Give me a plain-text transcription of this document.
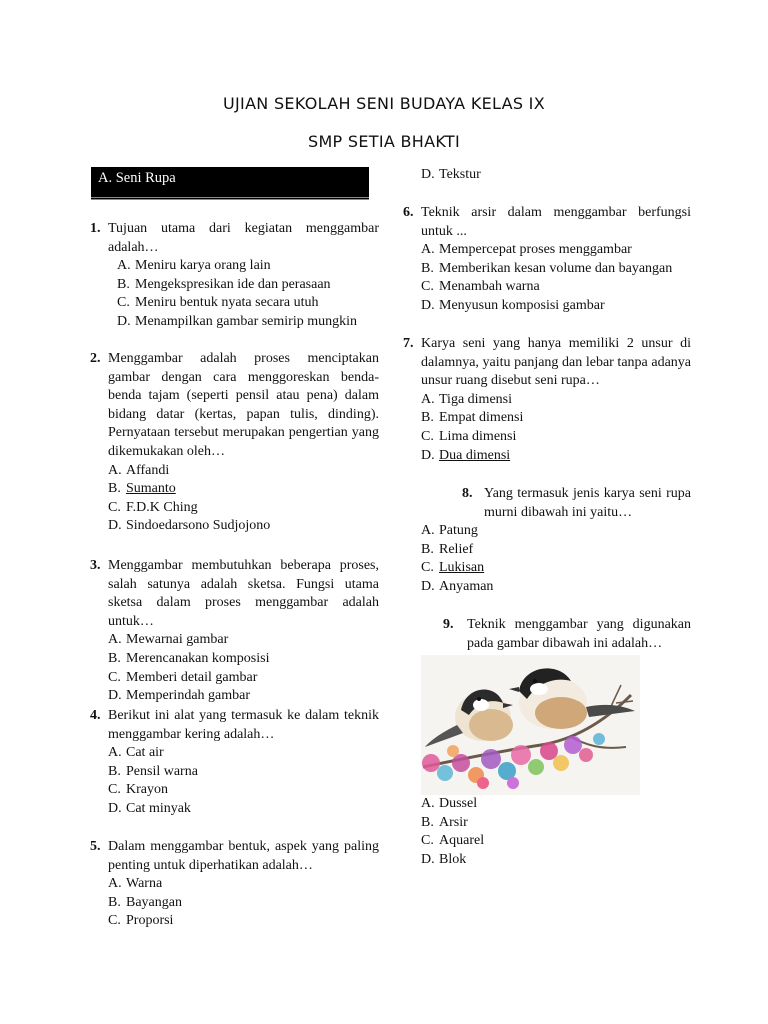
UJIAN SEKOLAH SENI BUDAYA KELAS IX
SMP SETIA BHAKTI
A. Seni Rupa
1. Tujuan utama dari kegiatan menggambar adalah…
A. Meniru karya orang lain
B. Mengekspresikan ide dan perasaan
C. Meniru bentuk nyata secara utuh
D. Menampilkan gambar semirip mungkin
2. Menggambar adalah proses menciptakan gambar dengan cara menggoreskan benda-benda tajam (seperti pensil atau pena) dalam bidang datar (kertas, papan tulis, dinding). Pernyataan tersebut merupakan pengertian yang dikemukakan oleh…
A. Affandi
B. Sumanto
C. F.D.K Ching
D. Sindoedarsono Sudjojono
3. Menggambar membutuhkan beberapa proses, salah satunya adalah sketsa. Fungsi utama sketsa dalam proses menggambar adalah untuk…
A. Mewarnai gambar
B. Merencanakan komposisi
C. Memberi detail gambar
D. Memperindah gambar
4. Berikut ini alat yang termasuk ke dalam teknik menggambar kering adalah…
A. Cat air
B. Pensil warna
C. Krayon
D. Cat minyak
5. Dalam menggambar bentuk, aspek yang paling penting untuk diperhatikan adalah…
A. Warna
B. Bayangan
C. Proporsi
D. Tekstur
6. Teknik arsir dalam menggambar berfungsi untuk ...
A. Mempercepat proses menggambar
B. Memberikan kesan volume dan bayangan
C. Menambah warna
D. Menyusun komposisi gambar
7. Karya seni yang hanya memiliki 2 unsur di dalamnya, yaitu panjang dan lebar tanpa adanya unsur ruang disebut seni rupa…
A. Tiga dimensi
B. Empat dimensi
C. Lima dimensi
D. Dua dimensi
8. Yang termasuk jenis karya seni rupa murni dibawah ini yaitu…
A. Patung
B. Relief
C. Lukisan
D. Anyaman
9. Teknik menggambar yang digunakan pada gambar dibawah ini adalah…
A. Dussel
B. Arsir
C. Aquarel
D. Blok
